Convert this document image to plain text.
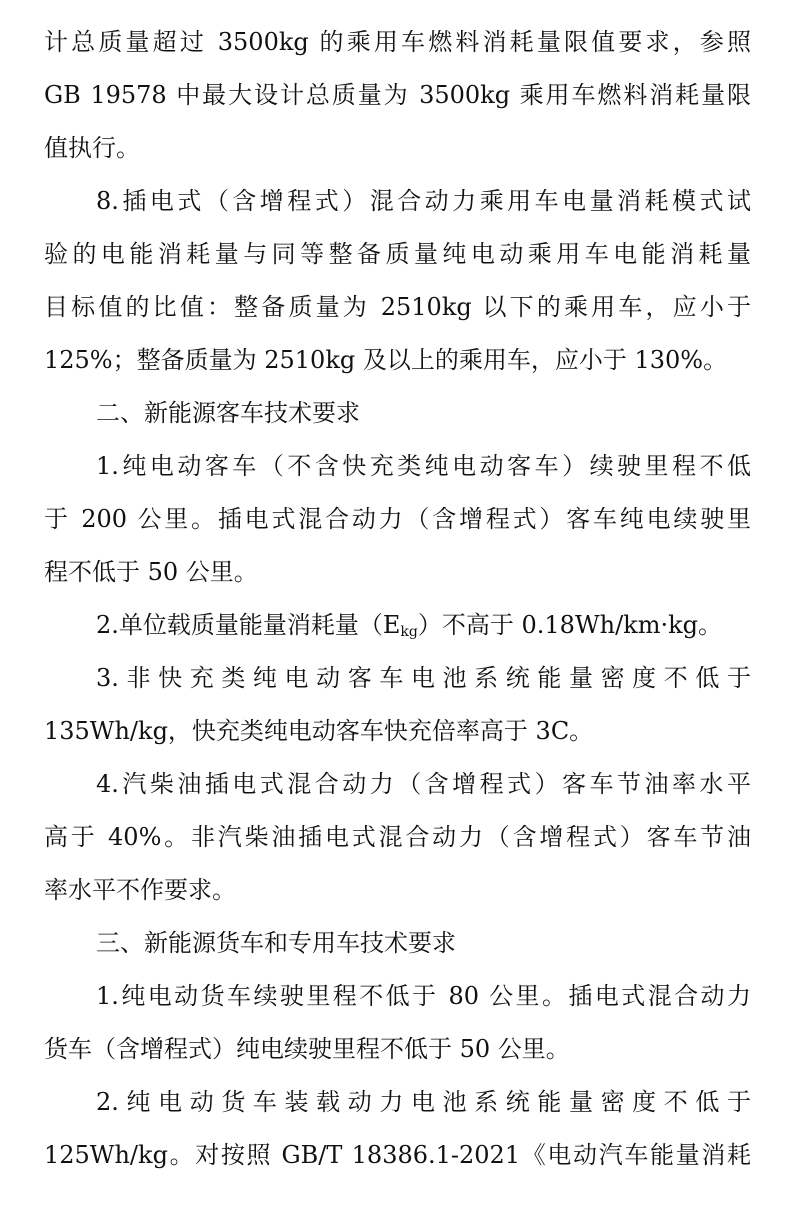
计总质量超过 3500kg 的乘用车燃料消耗量限值要求，参照
GB 19578 中最大设计总质量为 3500kg 乘用车燃料消耗量限
值执行。
8.插电式（含增程式）混合动力乘用车电量消耗模式试
验的电能消耗量与同等整备质量纯电动乘用车电能消耗量
目标值的比值：整备质量为 2510kg 以下的乘用车，应小于
125%；整备质量为 2510kg 及以上的乘用车，应小于 130%。
二、新能源客车技术要求
1.纯电动客车（不含快充类纯电动客车）续驶里程不低
于 200 公里。插电式混合动力（含增程式）客车纯电续驶里
程不低于 50 公里。
2.单位载质量能量消耗量$(E_{kg})$不高于 0.18Wh/km·kg。
3.非快充类纯电动客车电池系统能量密度不低于
135Wh/kg，快充类纯电动客车快充倍率高于 3C。
4.汽柴油插电式混合动力（含增程式）客车节油率水平
高于 40%。非汽柴油插电式混合动力（含增程式）客车节油
率水平不作要求。
三、新能源货车和专用车技术要求
1.纯电动货车续驶里程不低于 80 公里。插电式混合动力
货车（含增程式）纯电续驶里程不低于 50 公里。
2.纯电动货车装载动力电池系统能量密度不低于
125Wh/kg。对按照 GB/T 18386.1-2021《电动汽车能量消耗
